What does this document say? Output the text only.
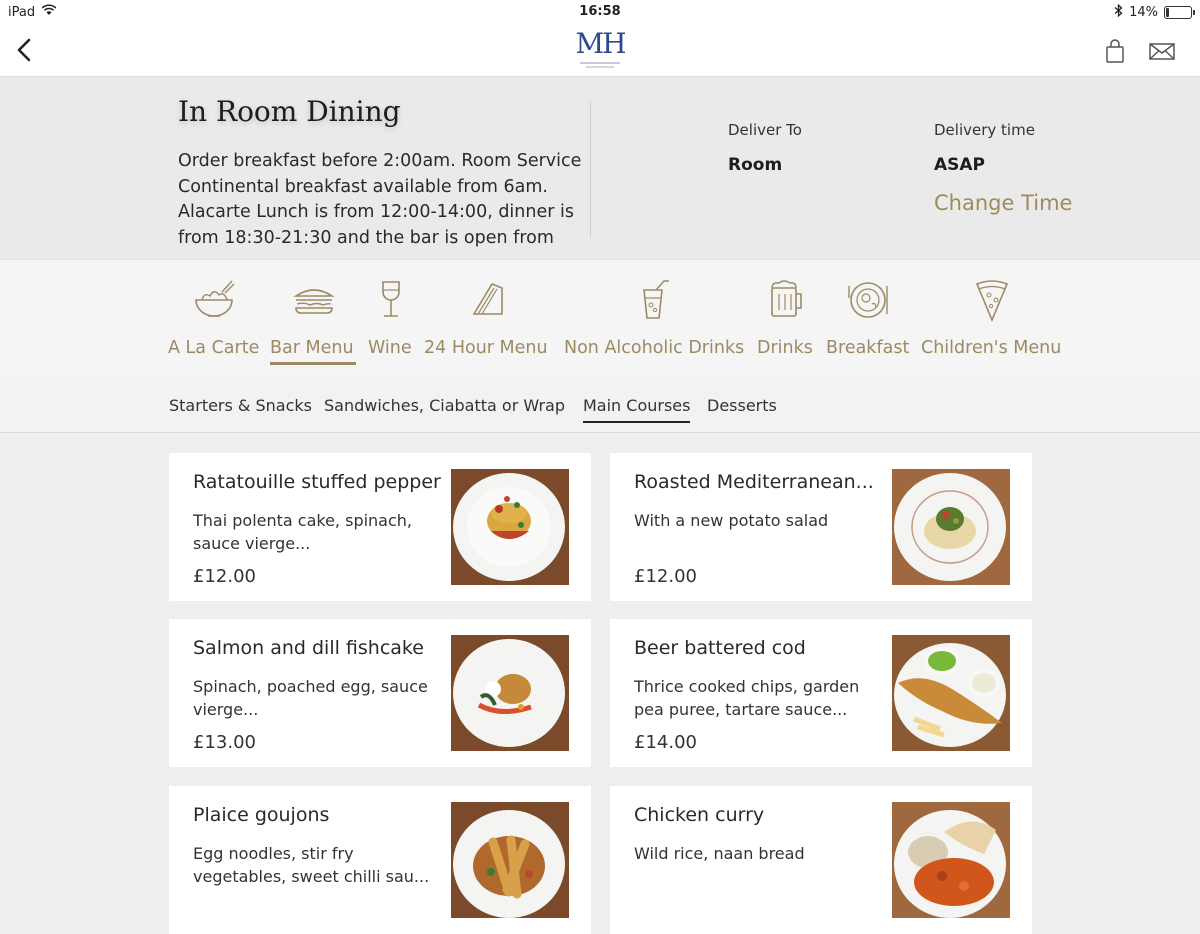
iPad	16:58	14%
MH
In Room Dining
Order breakfast before 2:00am. Room Service Continental breakfast available from 6am. Alacarte Lunch is from 12:00-14:00, dinner is from 18:30-21:30 and the bar is open from
Deliver To
Room
Delivery time
ASAP
Change Time
A La Carte Bar Menu Wine 24 Hour Menu Non Alcoholic Drinks Drinks Breakfast Children's Menu
Starters & Snacks Sandwiches, Ciabatta or Wrap Main Courses Desserts
Ratatouille stuffed pepper
Thai polenta cake, spinach, sauce vierge...
£12.00
Roasted Mediterranean...
With a new potato salad
£12.00
Salmon and dill fishcake
Spinach, poached egg, sauce vierge...
£13.00
Beer battered cod
Thrice cooked chips, garden pea puree, tartare sauce...
£14.00
Plaice goujons
Egg noodles, stir fry vegetables, sweet chilli sau...
Chicken curry
Wild rice, naan bread
